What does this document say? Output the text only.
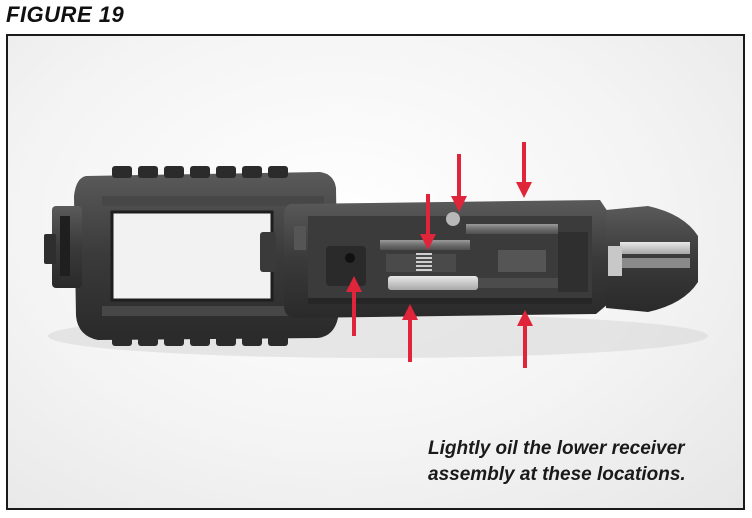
FIGURE 19

Lightly oil the lower receiver
assembly at these locations.
